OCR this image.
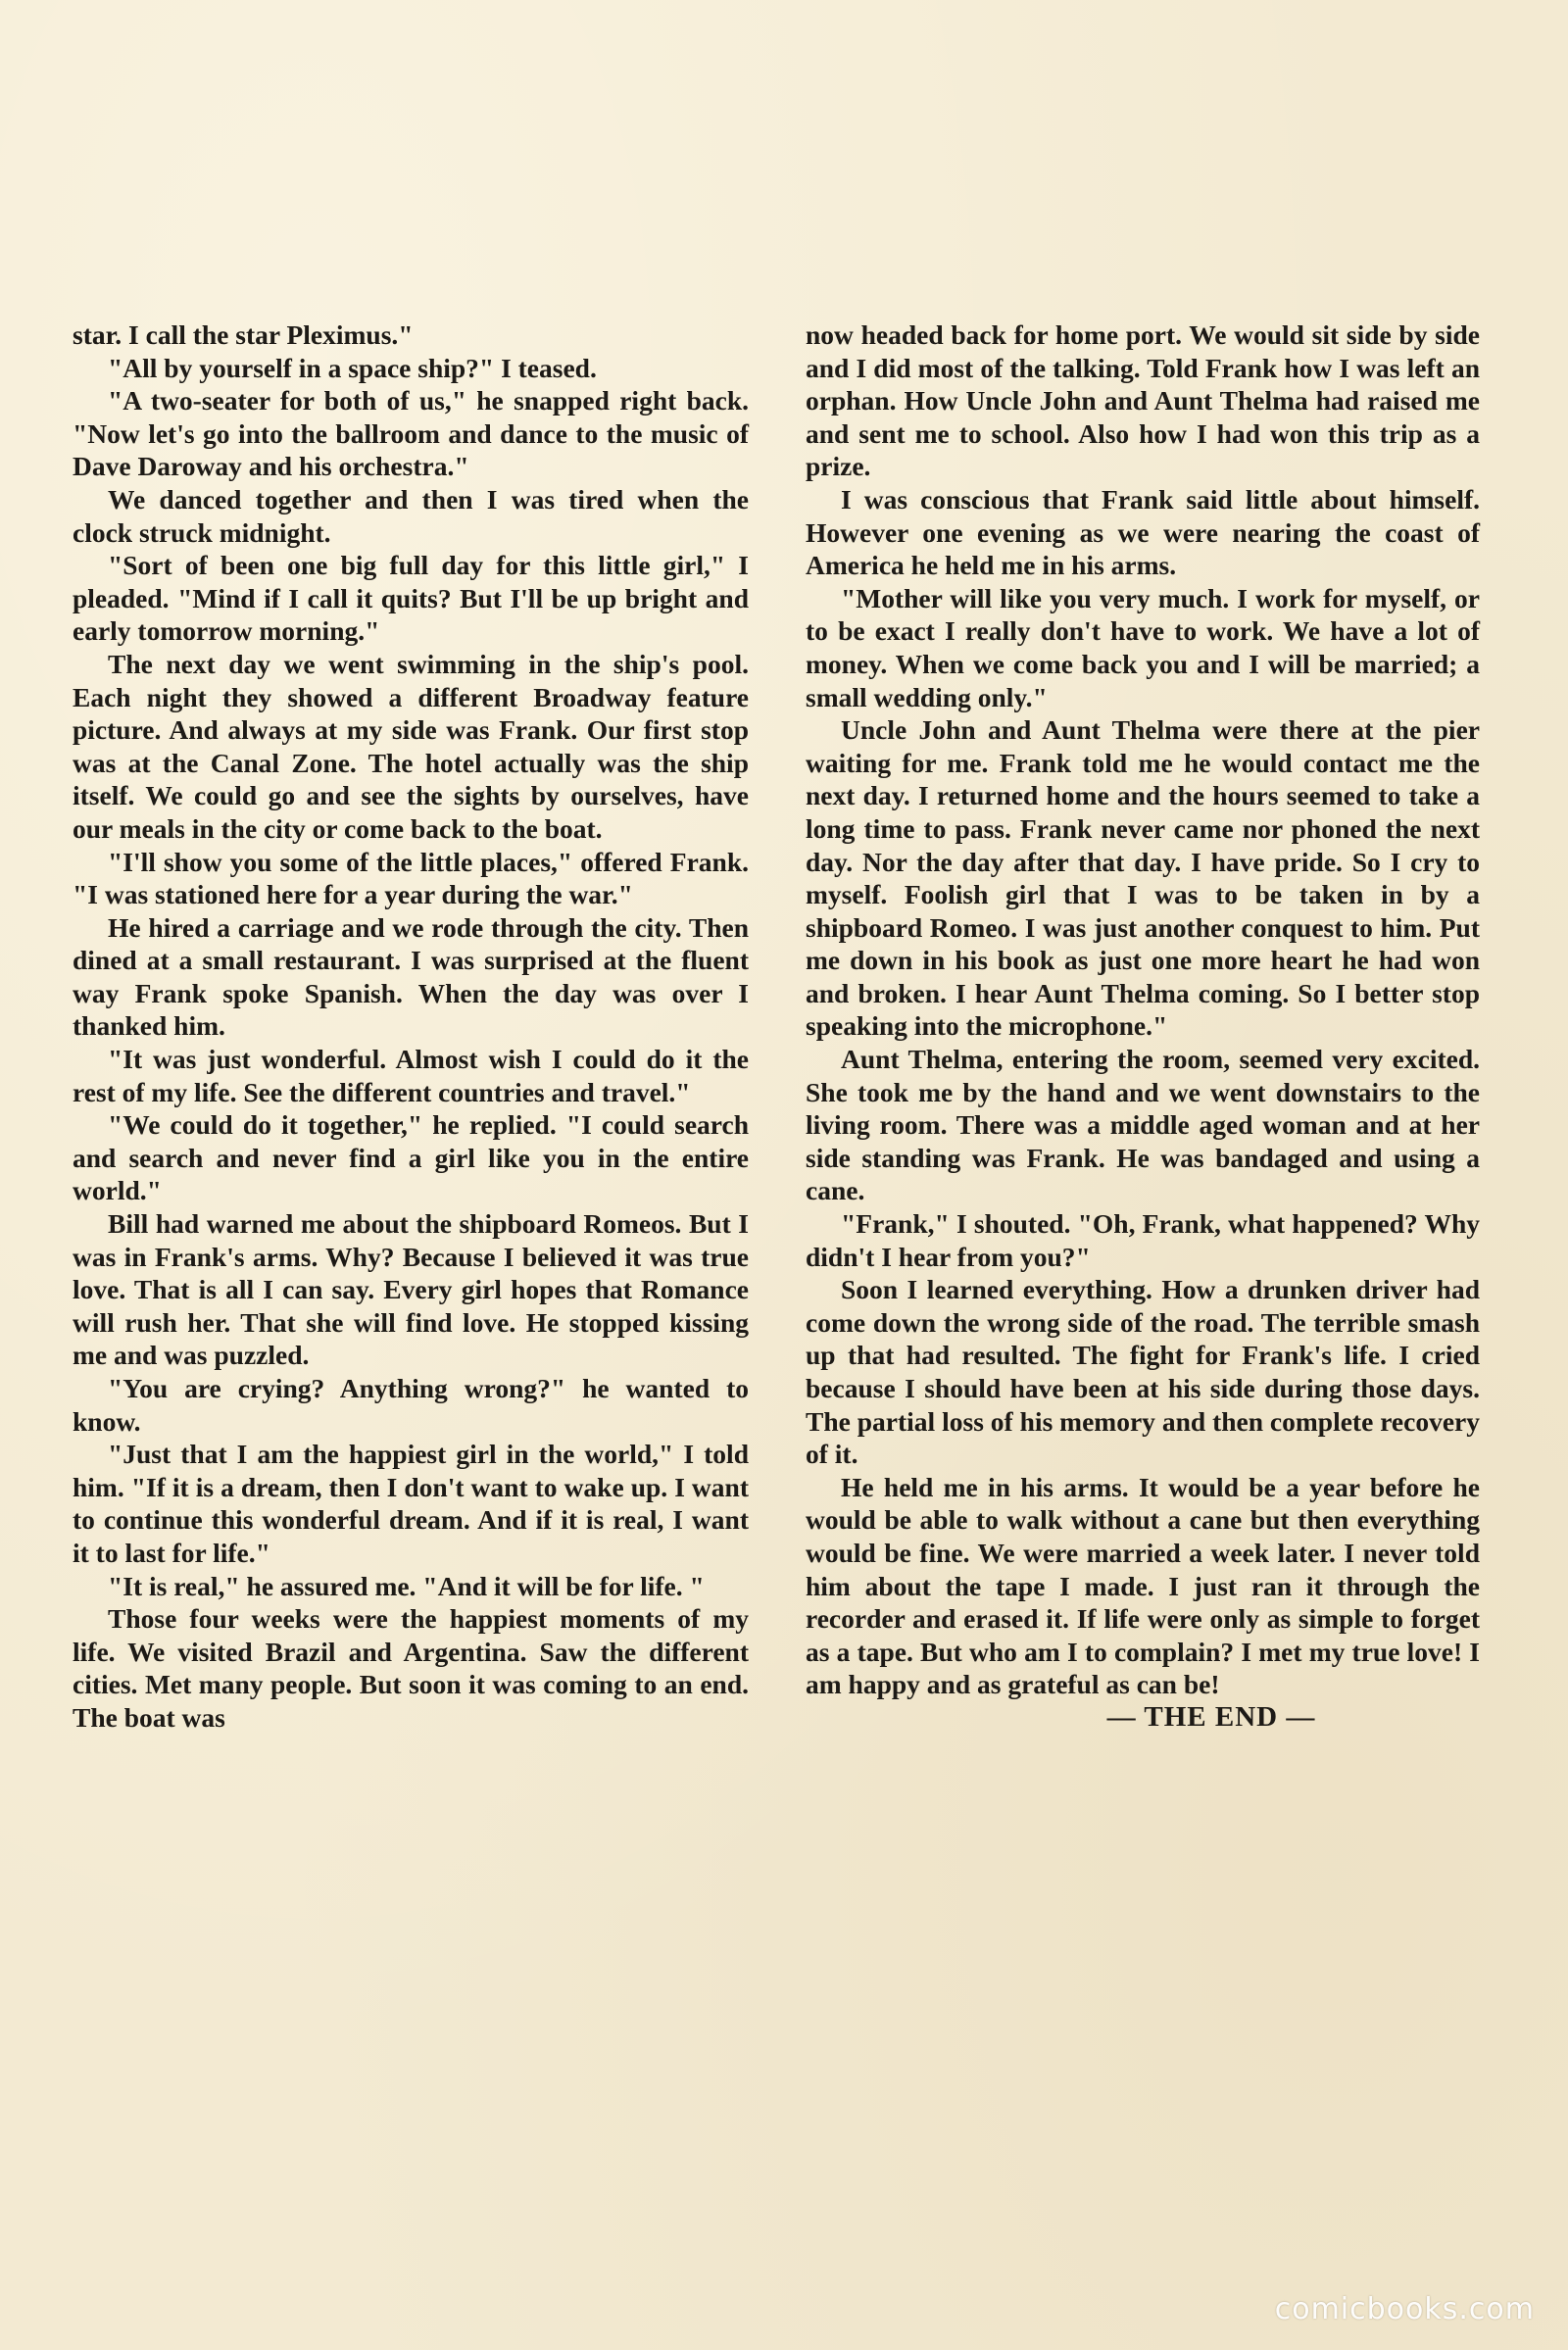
star. I call the star Pleximus."

"All by yourself in a space ship?" I teased.

"A two-seater for both of us," he snapped right back. "Now let's go into the ballroom and dance to the music of Dave Daroway and his orchestra."

We danced together and then I was tired when the clock struck midnight.

"Sort of been one big full day for this little girl," I pleaded. "Mind if I call it quits? But I'll be up bright and early tomorrow morning."

The next day we went swimming in the ship's pool. Each night they showed a different Broadway feature picture. And always at my side was Frank. Our first stop was at the Canal Zone. The hotel actually was the ship itself. We could go and see the sights by ourselves, have our meals in the city or come back to the boat.

"I'll show you some of the little places," offered Frank. "I was stationed here for a year during the war."

He hired a carriage and we rode through the city. Then dined at a small restaurant. I was surprised at the fluent way Frank spoke Spanish. When the day was over I thanked him.

"It was just wonderful. Almost wish I could do it the rest of my life. See the different countries and travel."

"We could do it together," he replied. "I could search and search and never find a girl like you in the entire world."

Bill had warned me about the shipboard Romeos. But I was in Frank's arms. Why? Because I believed it was true love. That is all I can say. Every girl hopes that Romance will rush her. That she will find love. He stopped kissing me and was puzzled.

"You are crying? Anything wrong?" he wanted to know.

"Just that I am the happiest girl in the world," I told him. "If it is a dream, then I don't want to wake up. I want to continue this wonderful dream. And if it is real, I want it to last for life."

"It is real," he assured me. "And it will be for life. "

Those four weeks were the happiest moments of my life. We visited Brazil and Argentina. Saw the different cities. Met many people. But soon it was coming to an end. The boat was

now headed back for home port. We would sit side by side and I did most of the talking. Told Frank how I was left an orphan. How Uncle John and Aunt Thelma had raised me and sent me to school. Also how I had won this trip as a prize.

I was conscious that Frank said little about himself. However one evening as we were nearing the coast of America he held me in his arms.

"Mother will like you very much. I work for myself, or to be exact I really don't have to work. We have a lot of money. When we come back you and I will be married; a small wedding only."

Uncle John and Aunt Thelma were there at the pier waiting for me. Frank told me he would contact me the next day. I returned home and the hours seemed to take a long time to pass. Frank never came nor phoned the next day. Nor the day after that day. I have pride. So I cry to myself. Foolish girl that I was to be taken in by a shipboard Romeo. I was just another conquest to him. Put me down in his book as just one more heart he had won and broken. I hear Aunt Thelma coming. So I better stop speaking into the microphone."

Aunt Thelma, entering the room, seemed very excited. She took me by the hand and we went downstairs to the living room. There was a middle aged woman and at her side standing was Frank. He was bandaged and using a cane.

"Frank," I shouted. "Oh, Frank, what happened? Why didn't I hear from you?"

Soon I learned everything. How a drunken driver had come down the wrong side of the road. The terrible smash up that had resulted. The fight for Frank's life. I cried because I should have been at his side during those days. The partial loss of his memory and then complete recovery of it.

He held me in his arms. It would be a year before he would be able to walk without a cane but then everything would be fine. We were married a week later. I never told him about the tape I made. I just ran it through the recorder and erased it. If life were only as simple to forget as a tape. But who am I to complain? I met my true love! I am happy and as grateful as can be!

— THE END —

comicbooks.com
